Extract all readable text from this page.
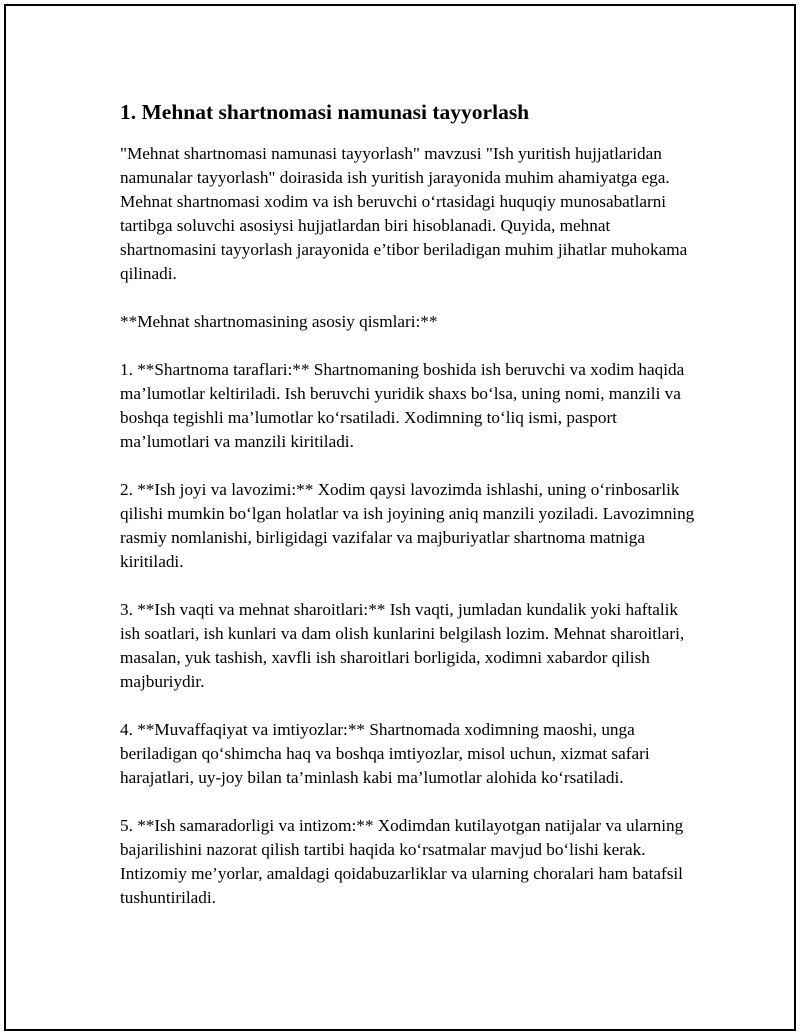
1. Mehnat shartnomasi namunasi tayyorlash

"Mehnat shartnomasi namunasi tayyorlash" mavzusi "Ish yuritish hujjatlaridan namunalar tayyorlash" doirasida ish yuritish jarayonida muhim ahamiyatga ega. Mehnat shartnomasi xodim va ish beruvchi o‘rtasidagi huquqiy munosabatlarni tartibga soluvchi asosiysi hujjatlardan biri hisoblanadi. Quyida, mehnat shartnomasini tayyorlash jarayonida e’tibor beriladigan muhim jihatlar muhokama qilinadi.

**Mehnat shartnomasining asosiy qismlari:**

1. **Shartnoma taraflari:** Shartnomaning boshida ish beruvchi va xodim haqida ma’lumotlar keltiriladi. Ish beruvchi yuridik shaxs bo‘lsa, uning nomi, manzili va boshqa tegishli ma’lumotlar ko‘rsatiladi. Xodimning to‘liq ismi, pasport ma’lumotlari va manzili kiritiladi.

2. **Ish joyi va lavozimi:** Xodim qaysi lavozimda ishlashi, uning o‘rinbosarlik qilishi mumkin bo‘lgan holatlar va ish joyining aniq manzili yoziladi. Lavozimning rasmiy nomlanishi, birligidagi vazifalar va majburiyatlar shartnoma matniga kiritiladi.

3. **Ish vaqti va mehnat sharoitlari:** Ish vaqti, jumladan kundalik yoki haftalik ish soatlari, ish kunlari va dam olish kunlarini belgilash lozim. Mehnat sharoitlari, masalan, yuk tashish, xavfli ish sharoitlari borligida, xodimni xabardor qilish majburiydir.

4. **Muvaffaqiyat va imtiyozlar:** Shartnomada xodimning maoshi, unga beriladigan qo‘shimcha haq va boshqa imtiyozlar, misol uchun, xizmat safari harajatlari, uy-joy bilan ta’minlash kabi ma’lumotlar alohida ko‘rsatiladi.

5. **Ish samaradorligi va intizom:** Xodimdan kutilayotgan natijalar va ularning bajarilishini nazorat qilish tartibi haqida ko‘rsatmalar mavjud bo‘lishi kerak. Intizomiy me’yorlar, amaldagi qoidabuzarliklar va ularning choralari ham batafsil tushuntiriladi.
